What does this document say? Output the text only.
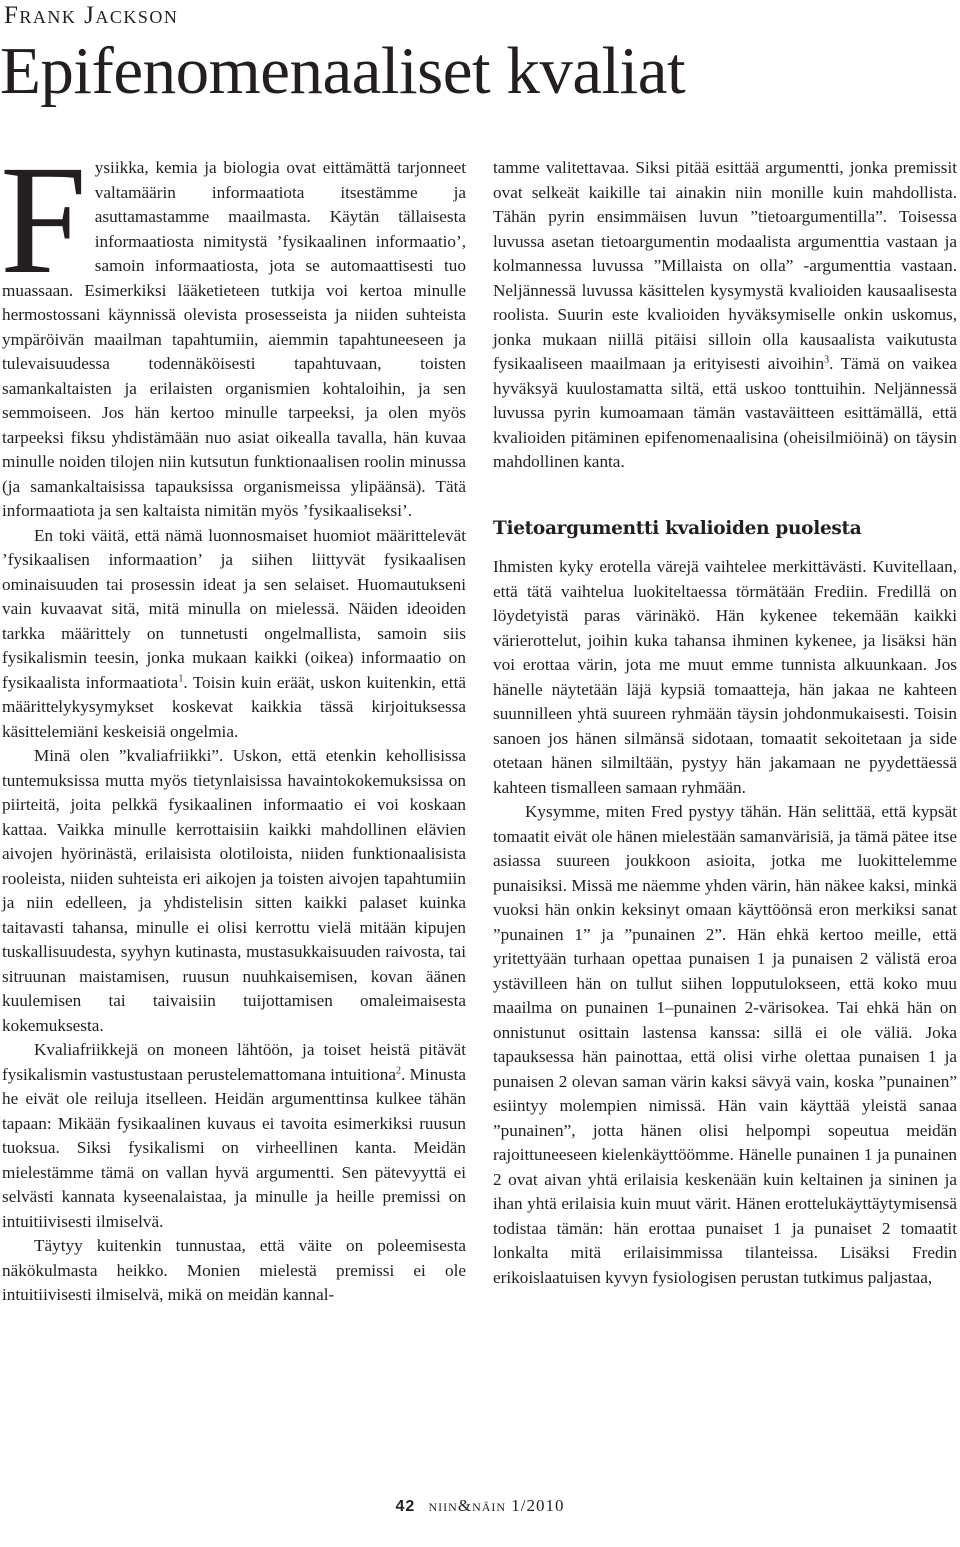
Frank Jackson
Epifenomenaaliset kvaliat

Fysiikka, kemia ja biologia ovat eittämättä tarjonneet valtamäärin informaatiota itsestämme ja asuttamastamme maailmasta. Käytän tällaisesta informaatiosta nimitystä ’fysikaalinen informaatio’, samoin informaatiosta, jota se automaattisesti tuo muassaan. Esimerkiksi lääketieteen tutkija voi kertoa minulle hermostossani käynnissä olevista prosesseista ja niiden suhteista ympäröivän maailman tapahtumiin, aiemmin tapahtuneeseen ja tulevaisuudessa todennäköisesti tapahtuvaan, toisten samankaltaisten ja erilaisten organismien kohtaloihin, ja sen semmoiseen. Jos hän kertoo minulle tarpeeksi, ja olen myös tarpeeksi fiksu yhdistämään nuo asiat oikealla tavalla, hän kuvaa minulle noiden tilojen niin kutsutun funktionaalisen roolin minussa (ja samankaltaisissa tapauksissa organismeissa ylipäänsä). Tätä informaatiota ja sen kaltaista nimitän myös ’fysikaaliseksi’.

En toki väitä, että nämä luonnosmaiset huomiot määrittelevät ’fysikaalisen informaation’ ja siihen liittyvät fysikaalisen ominaisuuden tai prosessin ideat ja sen selaiset. Huomautukseni vain kuvaavat sitä, mitä minulla on mielessä. Näiden ideoiden tarkka määrittely on tunnetusti ongelmallista, samoin siis fysikalismin teesin, jonka mukaan kaikki (oikea) informaatio on fysikaalista informaatiota$^1$. Toisin kuin eräät, uskon kuitenkin, että määrittelykysymykset koskevat kaikkia tässä kirjoituksessa käsittelemiäni keskeisiä ongelmia.

Minä olen ”kvaliafriikki”. Uskon, että etenkin kehollisissa tuntemuksissa mutta myös tietynlaisissa havaintokokemuksissa on piirteitä, joita pelkkä fysikaalinen informaatio ei voi koskaan kattaa. Vaikka minulle kerrottaisiin kaikki mahdollinen elävien aivojen hyörinästä, erilaisista olotiloista, niiden funktionaalisista rooleista, niiden suhteista eri aikojen ja toisten aivojen tapahtumiin ja niin edelleen, ja yhdistelisin sitten kaikki palaset kuinka taitavasti tahansa, minulle ei olisi kerrottu vielä mitään kipujen tuskallisuudesta, syyhyn kutinasta, mustasukkaisuuden raivosta, tai sitruunan maistamisen, ruusun nuuhkaisemisen, kovan äänen kuulemisen tai taivaisiin tuijottamisen omaleimaisesta kokemuksesta.

Kvaliafriikkejä on moneen lähtöön, ja toiset heistä pitävät fysikalismin vastustustaan perustelemattomana intuitiona$^2$. Minusta he eivät ole reiluja itselleen. Heidän argumenttinsa kulkee tähän tapaan: Mikään fysikaalinen kuvaus ei tavoita esimerkiksi ruusun tuoksua. Siksi fysikalismi on virheellinen kanta. Meidän mielestämme tämä on vallan hyvä argumentti. Sen pätevyyttä ei selvästi kannata kyseenalaistaa, ja minulle ja heille premissi on intuitiivisesti ilmiselvä.

Täytyy kuitenkin tunnustaa, että väite on poleemisesta näkökulmasta heikko. Monien mielestä premissi ei ole intuitiivisesti ilmiselvä, mikä on meidän kannal-

tamme valitettavaa. Siksi pitää esittää argumentti, jonka premissit ovat selkeät kaikille tai ainakin niin monille kuin mahdollista. Tähän pyrin ensimmäisen luvun ”tietoargumentilla”. Toisessa luvussa asetan tietoargumentin modaalista argumenttia vastaan ja kolmannessa luvussa ”Millaista on olla” -argumenttia vastaan. Neljännessä luvussa käsittelen kysymystä kvalioiden kausaalisesta roolista. Suurin este kvalioiden hyväksymiselle onkin uskomus, jonka mukaan niillä pitäisi silloin olla kausaalista vaikutusta fysikaaliseen maailmaan ja erityisesti aivoihin$^3$. Tämä on vaikea hyväksyä kuulostamatta siltä, että uskoo tonttuihin. Neljännessä luvussa pyrin kumoamaan tämän vastaväitteen esittämällä, että kvalioiden pitäminen epifenomenaalisina (oheisilmiöinä) on täysin mahdollinen kanta.

Tietoargumentti kvalioiden puolesta

Ihmisten kyky erotella värejä vaihtelee merkittävästi. Kuvitellaan, että tätä vaihtelua luokiteltaessa törmätään Frediin. Fredillä on löydetyistä paras värinäkö. Hän kykenee tekemään kaikki värierottelut, joihin kuka tahansa ihminen kykenee, ja lisäksi hän voi erottaa värin, jota me muut emme tunnista alkuunkaan. Jos hänelle näytetään läjä kypsiä tomaatteja, hän jakaa ne kahteen suunnilleen yhtä suureen ryhmään täysin johdonmukaisesti. Toisin sanoen jos hänen silmänsä sidotaan, tomaatit sekoitetaan ja side otetaan hänen silmiltään, pystyy hän jakamaan ne pyydettäessä kahteen tismalleen samaan ryhmään.

Kysymme, miten Fred pystyy tähän. Hän selittää, että kypsät tomaatit eivät ole hänen mielestään samanvärisiä, ja tämä pätee itse asiassa suureen joukkoon asioita, jotka me luokittelemme punaisiksi. Missä me näemme yhden värin, hän näkee kaksi, minkä vuoksi hän onkin keksinyt omaan käyttöönsä eron merkiksi sanat ”punainen 1” ja ”punainen 2”. Hän ehkä kertoo meille, että yritettyään turhaan opettaa punaisen 1 ja punaisen 2 välistä eroa ystävilleen hän on tullut siihen lopputulokseen, että koko muu maailma on punainen 1–punainen 2-värisokea. Tai ehkä hän on onnistunut osittain lastensa kanssa: sillä ei ole väliä. Joka tapauksessa hän painottaa, että olisi virhe olettaa punaisen 1 ja punaisen 2 olevan saman värin kaksi sävyä vain, koska ”punainen” esiintyy molempien nimissä. Hän vain käyttää yleistä sanaa ”punainen”, jotta hänen olisi helpompi sopeutua meidän rajoittuneeseen kielenkäyttöömme. Hänelle punainen 1 ja punainen 2 ovat aivan yhtä erilaisia keskenään kuin keltainen ja sininen ja ihan yhtä erilaisia kuin muut värit. Hänen erottelukäyttäytymisensä todistaa tämän: hän erottaa punaiset 1 ja punaiset 2 tomaatit lonkalta mitä erilaisimmissa tilanteissa. Lisäksi Fredin erikoislaatuisen kyvyn fysiologisen perustan tutkimus paljastaa,

42 niin&näin 1/2010
